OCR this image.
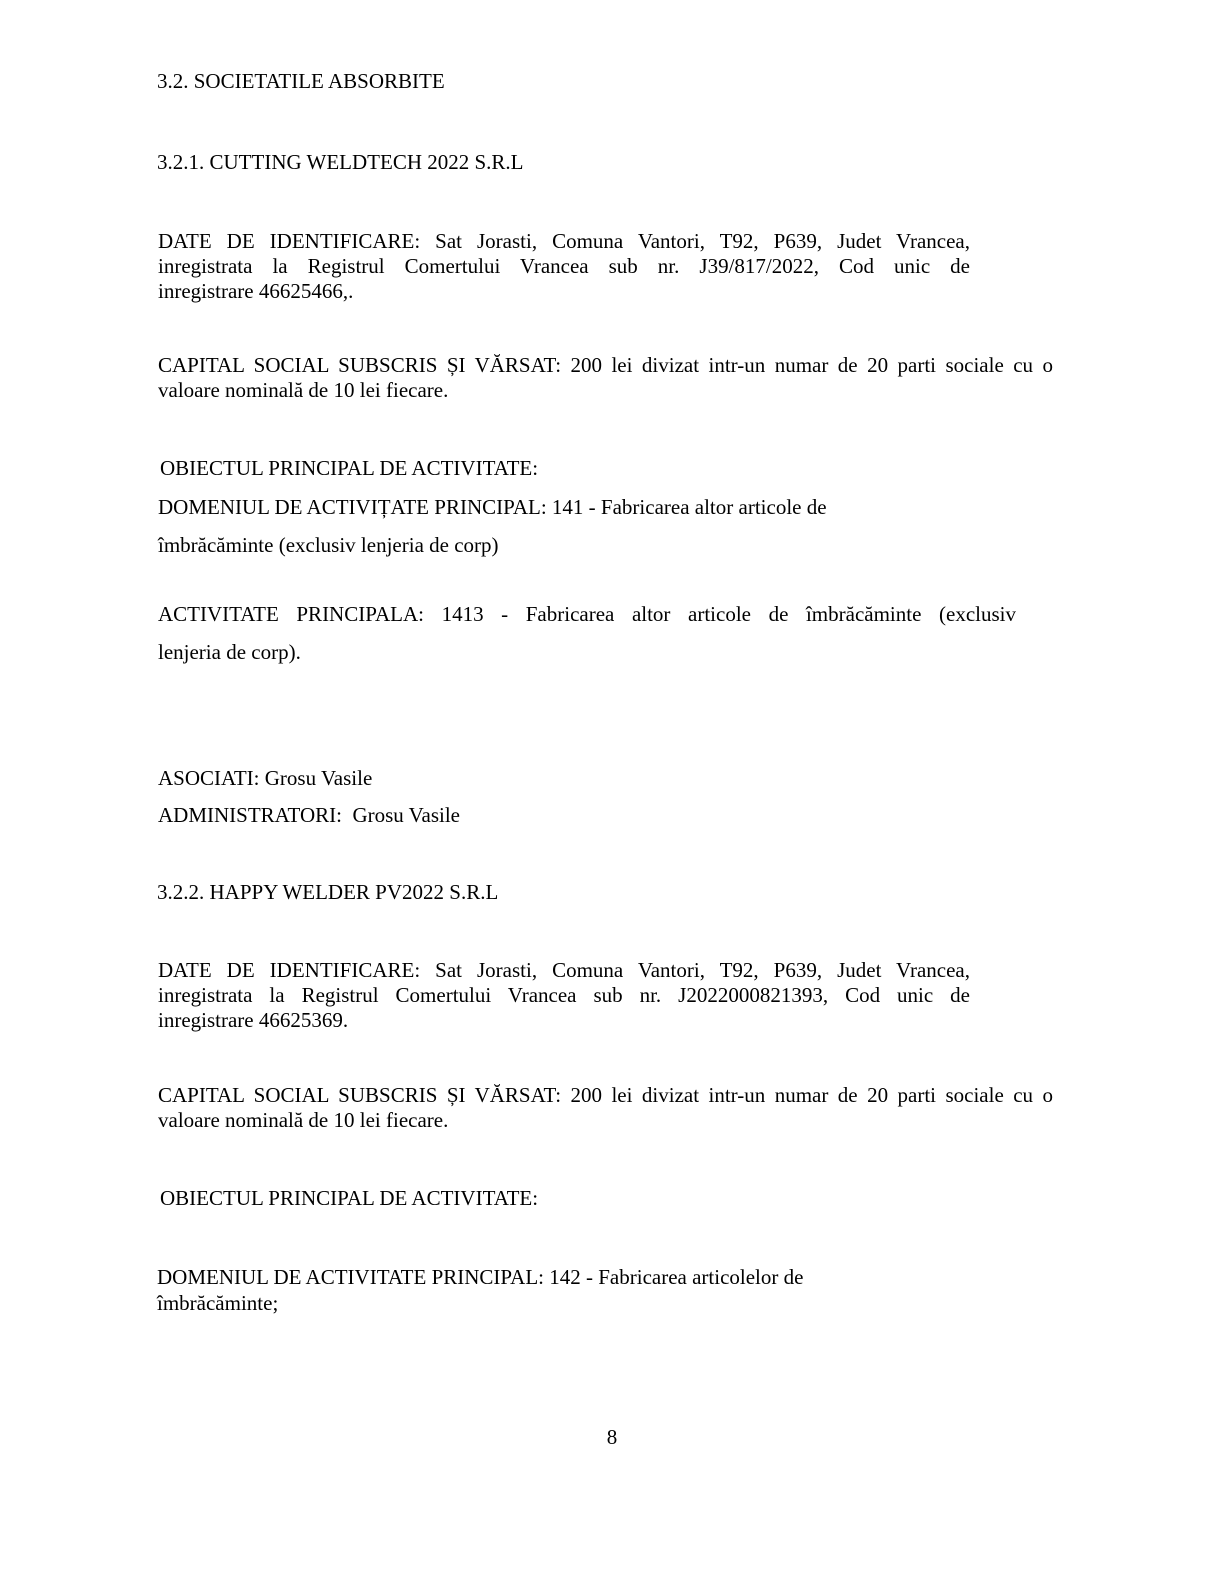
3.2. SOCIETATILE ABSORBITE
3.2.1. CUTTING WELDTECH 2022 S.R.L
DATE DE IDENTIFICARE: Sat Jorasti, Comuna Vantori, T92, P639, Judet Vrancea,
inregistrata la Registrul Comertului Vrancea sub nr. J39/817/2022, Cod unic de
inregistrare 46625466,.
CAPITAL SOCIAL SUBSCRIS ȘI VĂRSAT: 200 lei divizat intr-un numar de 20 parti sociale cu o
valoare nominală de 10 lei fiecare.
OBIECTUL PRINCIPAL DE ACTIVITATE:
DOMENIUL DE ACTIVIȚATE PRINCIPAL: 141 - Fabricarea altor articole de
îmbrăcăminte (exclusiv lenjeria de corp)
ACTIVITATE PRINCIPALA: 1413 - Fabricarea altor articole de îmbrăcăminte (exclusiv
lenjeria de corp).
ASOCIATI: Grosu Vasile
ADMINISTRATORI:  Grosu Vasile
3.2.2. HAPPY WELDER PV2022 S.R.L
DATE DE IDENTIFICARE: Sat Jorasti, Comuna Vantori, T92, P639, Judet Vrancea,
inregistrata la Registrul Comertului Vrancea sub nr. J2022000821393, Cod unic de
inregistrare 46625369.
CAPITAL SOCIAL SUBSCRIS ȘI VĂRSAT: 200 lei divizat intr-un numar de 20 parti sociale cu o
valoare nominală de 10 lei fiecare.
OBIECTUL PRINCIPAL DE ACTIVITATE:
DOMENIUL DE ACTIVITATE PRINCIPAL: 142 - Fabricarea articolelor de
îmbrăcăminte;
8
